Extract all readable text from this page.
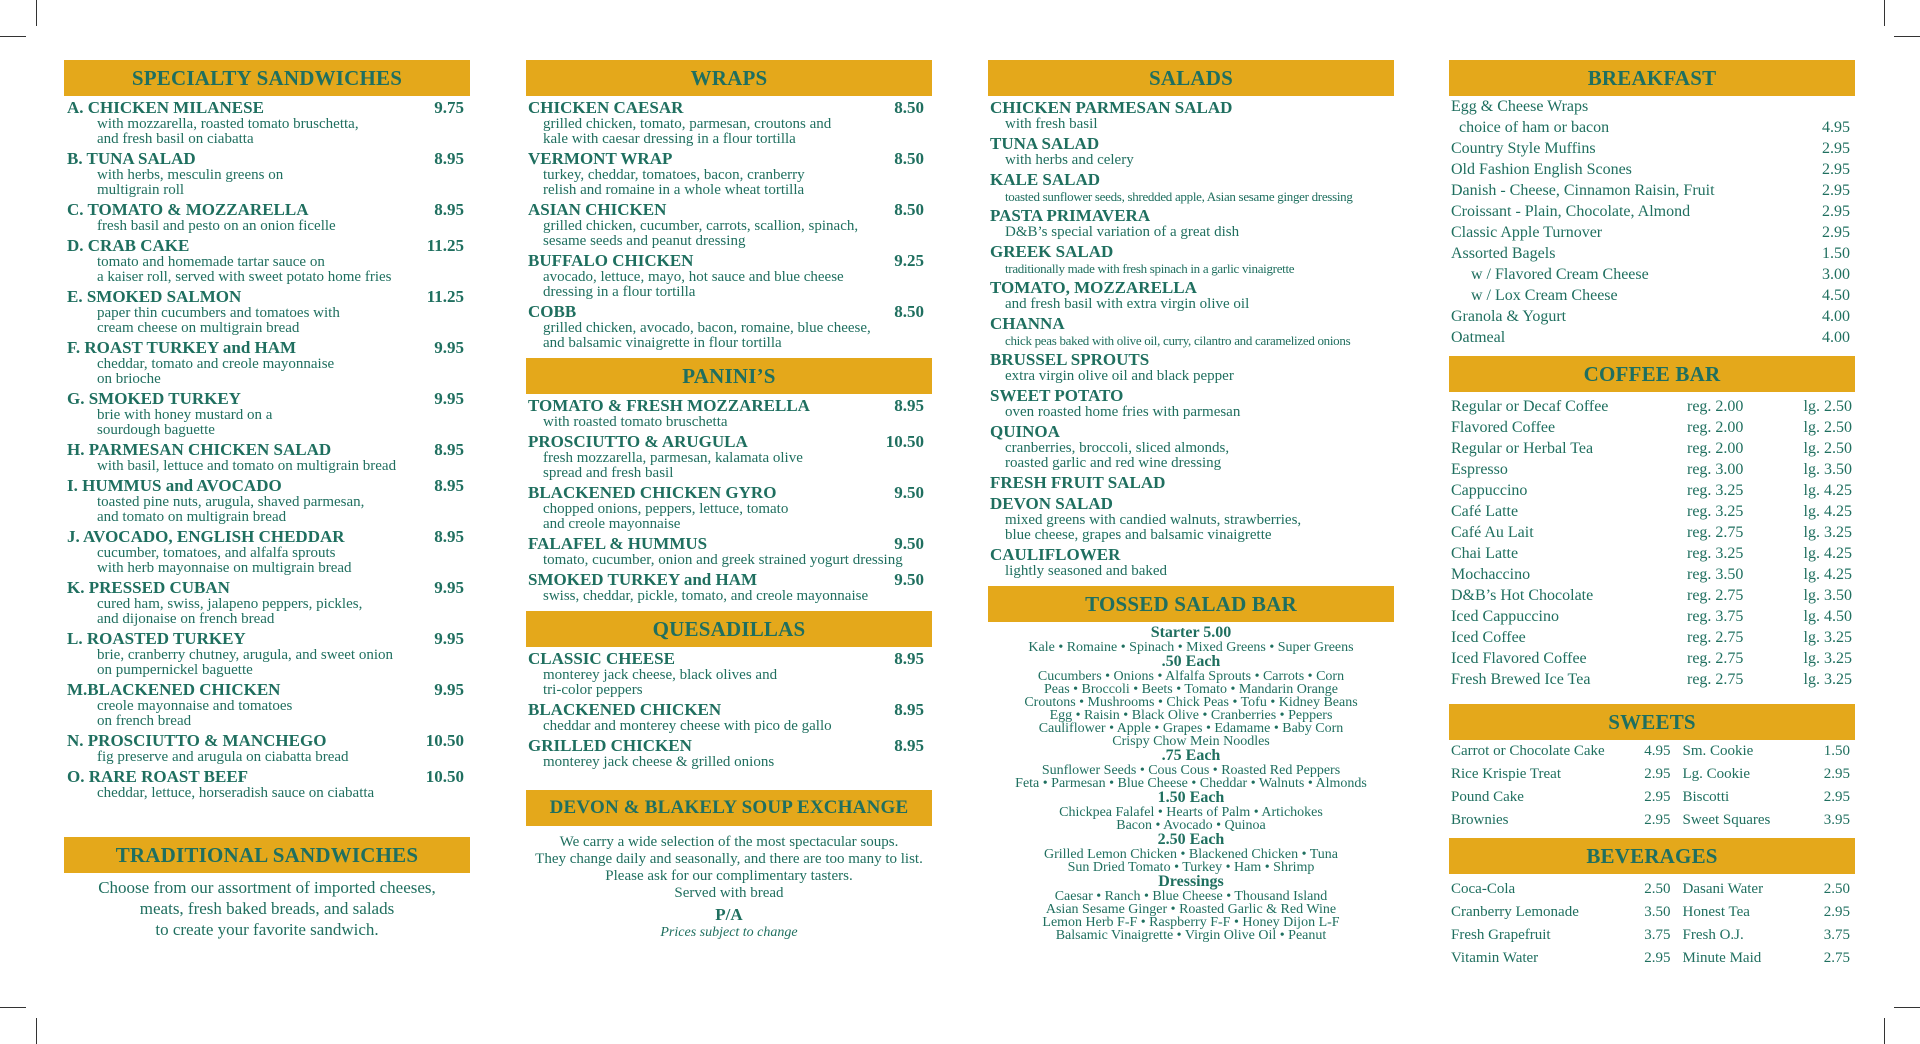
SPECIALTY SANDWICHES
A. CHICKEN MILANESE	9.75
with mozzarella, roasted tomato bruschetta,
and fresh basil on ciabatta
B. TUNA SALAD	8.95
with herbs, mesculin greens on
multigrain roll
C. TOMATO & MOZZARELLA	8.95
fresh basil and pesto on an onion ficelle
D. CRAB CAKE	11.25
tomato and homemade tartar sauce on
a kaiser roll, served with sweet potato home fries
E. SMOKED SALMON	11.25
paper thin cucumbers and tomatoes with
cream cheese on multigrain bread
F. ROAST TURKEY and HAM	9.95
cheddar, tomato and creole mayonnaise
on brioche
G. SMOKED TURKEY	9.95
brie with honey mustard on a
sourdough baguette
H. PARMESAN CHICKEN SALAD	8.95
with basil, lettuce and tomato on multigrain bread
I. HUMMUS and AVOCADO	8.95
toasted pine nuts, arugula, shaved parmesan,
and tomato on multigrain bread
J. AVOCADO, ENGLISH CHEDDAR	8.95
cucumber, tomatoes, and alfalfa sprouts
with herb mayonnaise on multigrain bread
K. PRESSED CUBAN	9.95
cured ham, swiss, jalapeno peppers, pickles,
and dijonaise on french bread
L. ROASTED TURKEY	9.95
brie, cranberry chutney, arugula, and sweet onion
on pumpernickel baguette
M.BLACKENED CHICKEN	9.95
creole mayonnaise and tomatoes
on french bread
N. PROSCIUTTO & MANCHEGO	10.50
fig preserve and arugula on ciabatta bread
O. RARE ROAST BEEF	10.50
cheddar, lettuce, horseradish sauce on ciabatta
TRADITIONAL SANDWICHES
Choose from our assortment of imported cheeses,
meats, fresh baked breads, and salads
to create your favorite sandwich.
WRAPS
CHICKEN CAESAR	8.50
grilled chicken, tomato, parmesan, croutons and
kale with caesar dressing in a flour tortilla
VERMONT WRAP	8.50
turkey, cheddar, tomatoes, bacon, cranberry
relish and romaine in a whole wheat tortilla
ASIAN CHICKEN	8.50
grilled chicken, cucumber, carrots, scallion, spinach,
sesame seeds and peanut dressing
BUFFALO CHICKEN	9.25
avocado, lettuce, mayo, hot sauce and blue cheese
dressing in a flour tortilla
COBB	8.50
grilled chicken, avocado, bacon, romaine, blue cheese,
and balsamic vinaigrette in flour tortilla
PANINI’S
TOMATO & FRESH MOZZARELLA	8.95
with roasted tomato bruschetta
PROSCIUTTO & ARUGULA	10.50
fresh mozzarella, parmesan, kalamata olive
spread and fresh basil
BLACKENED CHICKEN GYRO	9.50
chopped onions, peppers, lettuce, tomato
and creole mayonnaise
FALAFEL & HUMMUS	9.50
tomato, cucumber, onion and greek strained yogurt dressing
SMOKED TURKEY and HAM	9.50
swiss, cheddar, pickle, tomato, and creole mayonnaise
QUESADILLAS
CLASSIC CHEESE	8.95
monterey jack cheese, black olives and
tri-color peppers
BLACKENED CHICKEN	8.95
cheddar and monterey cheese with pico de gallo
GRILLED CHICKEN	8.95
monterey jack cheese & grilled onions
DEVON & BLAKELY SOUP EXCHANGE
We carry a wide selection of the most spectacular soups.
They change daily and seasonally, and there are too many to list.
Please ask for our complimentary tasters.
Served with bread
P/A
Prices subject to change
SALADS
CHICKEN PARMESAN SALAD
with fresh basil
TUNA SALAD
with herbs and celery
KALE SALAD
toasted sunflower seeds, shredded apple, Asian sesame ginger dressing
PASTA PRIMAVERA
D&B’s special variation of a great dish
GREEK SALAD
traditionally made with fresh spinach in a garlic vinaigrette
TOMATO, MOZZARELLA
and fresh basil with extra virgin olive oil
CHANNA
chick peas baked with olive oil, curry, cilantro and caramelized onions
BRUSSEL SPROUTS
extra virgin olive oil and black pepper
SWEET POTATO
oven roasted home fries with parmesan
QUINOA
cranberries, broccoli, sliced almonds,
roasted garlic and red wine dressing
FRESH FRUIT SALAD
DEVON SALAD
mixed greens with candied walnuts, strawberries,
blue cheese, grapes and balsamic vinaigrette
CAULIFLOWER
lightly seasoned and baked
TOSSED SALAD BAR
Starter 5.00
Kale • Romaine • Spinach • Mixed Greens • Super Greens
.50 Each
Cucumbers • Onions • Alfalfa Sprouts • Carrots • Corn
Peas • Broccoli • Beets • Tomato • Mandarin Orange
Croutons • Mushrooms • Chick Peas • Tofu • Kidney Beans
Egg • Raisin • Black Olive • Cranberries • Peppers
Cauliflower • Apple • Grapes • Edamame • Baby Corn
Crispy Chow Mein Noodles
.75 Each
Sunflower Seeds • Cous Cous • Roasted Red Peppers
Feta • Parmesan • Blue Cheese • Cheddar • Walnuts • Almonds
1.50 Each
Chickpea Falafel • Hearts of Palm • Artichokes
Bacon • Avocado • Quinoa
2.50 Each
Grilled Lemon Chicken • Blackened Chicken • Tuna
Sun Dried Tomato • Turkey • Ham • Shrimp
Dressings
Caesar • Ranch • Blue Cheese • Thousand Island
Asian Sesame Ginger • Roasted Garlic & Red Wine
Lemon Herb F-F • Raspberry F-F • Honey Dijon L-F
Balsamic Vinaigrette • Virgin Olive Oil • Peanut
BREAKFAST
Egg & Cheese Wraps
choice of ham or bacon	4.95
Country Style Muffins	2.95
Old Fashion English Scones	2.95
Danish - Cheese, Cinnamon Raisin, Fruit	2.95
Croissant - Plain, Chocolate, Almond	2.95
Classic Apple Turnover	2.95
Assorted Bagels	1.50
w / Flavored Cream Cheese	3.00
w / Lox Cream Cheese	4.50
Granola & Yogurt	4.00
Oatmeal	4.00
COFFEE BAR
Regular or Decaf Coffee	reg. 2.00	lg. 2.50
Flavored Coffee	reg. 2.00	lg. 2.50
Regular or Herbal Tea	reg. 2.00	lg. 2.50
Espresso	reg. 3.00	lg. 3.50
Cappuccino	reg. 3.25	lg. 4.25
Café Latte	reg. 3.25	lg. 4.25
Café Au Lait	reg. 2.75	lg. 3.25
Chai Latte	reg. 3.25	lg. 4.25
Mochaccino	reg. 3.50	lg. 4.25
D&B’s Hot Chocolate	reg. 2.75	lg. 3.50
Iced Cappuccino	reg. 3.75	lg. 4.50
Iced Coffee	reg. 2.75	lg. 3.25
Iced Flavored Coffee	reg. 2.75	lg. 3.25
Fresh Brewed Ice Tea	reg. 2.75	lg. 3.25
SWEETS
Carrot or Chocolate Cake	4.95 Sm. Cookie	1.50
Rice Krispie Treat	2.95 Lg. Cookie	2.95
Pound Cake	2.95 Biscotti	2.95
Brownies	2.95 Sweet Squares	3.95
BEVERAGES
Coca-Cola	2.50 Dasani Water	2.50
Cranberry Lemonade	3.50 Honest Tea	2.95
Fresh Grapefruit	3.75 Fresh O.J.	3.75
Vitamin Water	2.95 Minute Maid	2.75
